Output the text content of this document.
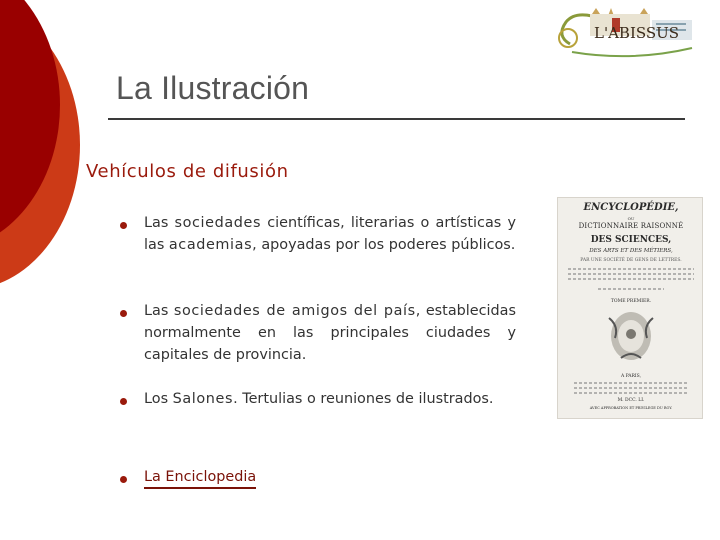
L'ABISSUS
La Ilustración
Vehículos de difusión
Las sociedades científicas, literarias o artísticas y las academias, apoyadas por los poderes públicos.
Las sociedades de amigos del país, establecidas normalmente en las principales ciudades y capitales de provincia.
Los Salones. Tertulias o reuniones de ilustrados.
La Enciclopedia
ENCYCLOPÉDIE,
OU
DICTIONNAIRE RAISONNÉ
DES SCIENCES,
DES ARTS ET DES MÉTIERS,
PAR UNE SOCIÉTÉ DE GENS DE LETTRES.
TOME PREMIER.
A PARIS,
M. DCC. LI.
AVEC APPROBATION ET PRIVILEGE DU ROY.
